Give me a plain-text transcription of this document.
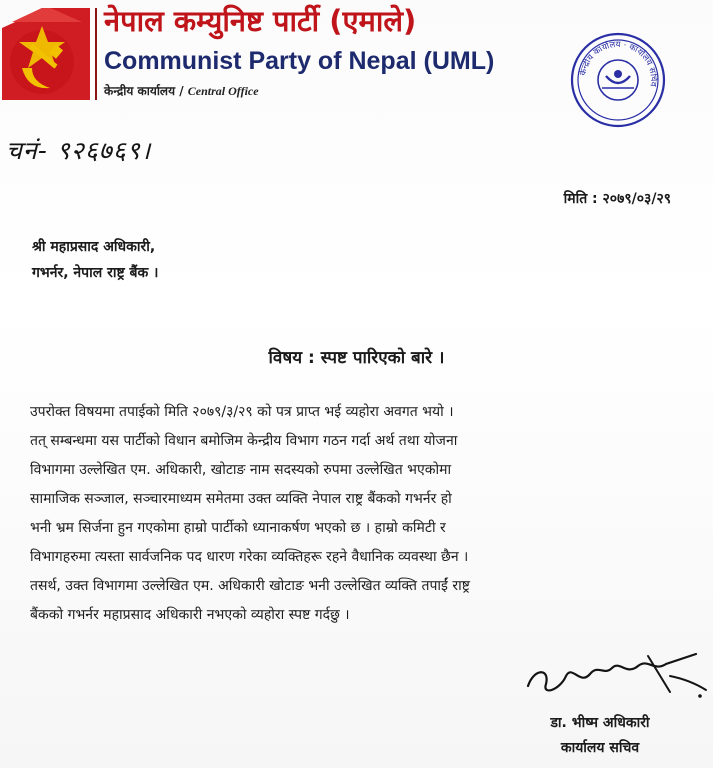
नेपाल कम्युनिष्ट पार्टी (एमाले)
Communist Party of Nepal (UML)
केन्द्रीय कार्यालय / Central Office
केन्द्रीय कार्यालय · कार्यालय सचिव
चनं- ९२६७६९।
मिति : २०७९/०३/२९
श्री महाप्रसाद अधिकारी,
गभर्नर, नेपाल राष्ट्र बैंक ।
विषय : स्पष्ट पारिएको बारे ।
उपरोक्त विषयमा तपाईको मिति २०७९/३/२९ को पत्र प्राप्त भई व्यहोरा अवगत भयो ।
तत् सम्बन्धमा यस पार्टीको विधान बमोजिम केन्द्रीय विभाग गठन गर्दा अर्थ तथा योजना
विभागमा उल्लेखित एम. अधिकारी, खोटाङ नाम सदस्यको रुपमा उल्लेखित भएकोमा
सामाजिक सञ्जाल, सञ्चारमाध्यम समेतमा उक्त व्यक्ति नेपाल राष्ट्र बैंकको गभर्नर हो
भनी भ्रम सिर्जना हुन गएकोमा हाम्रो पार्टीको ध्यानाकर्षण भएको छ । हाम्रो कमिटी र
विभागहरुमा त्यस्ता सार्वजनिक पद धारण गरेका व्यक्तिहरू रहने वैधानिक व्यवस्था छैन ।
तसर्थ, उक्त विभागमा उल्लेखित एम. अधिकारी खोटाङ भनी उल्लेखित व्यक्ति तपाईं राष्ट्र
बैंकको गभर्नर महाप्रसाद अधिकारी नभएको व्यहोरा स्पष्ट गर्दछु ।
डा. भीष्म अधिकारी
कार्यालय सचिव
